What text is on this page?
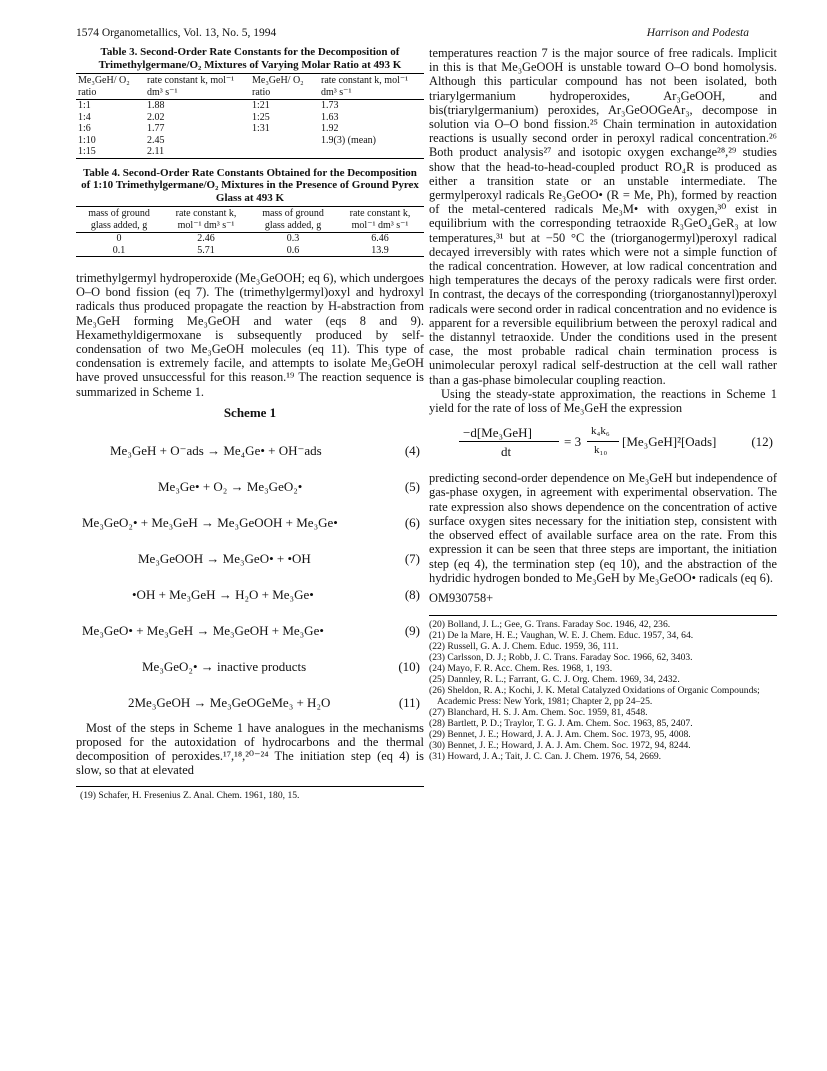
1574 Organometallics, Vol. 13, No. 5, 1994	Harrison and Podesta
Table 3. Second-Order Rate Constants for the Decomposition of Trimethylgermane/O₂ Mixtures of Varying Molar Ratio at 493 K
Me₃GeH/ O₂ ratio	rate constant k, mol⁻¹ dm³ s⁻¹	Me₃GeH/ O₂ ratio	rate constant k, mol⁻¹ dm³ s⁻¹
1:1	1.88	1:21	1.73
1:4	2.02	1:25	1.63
1:6	1.77	1:31	1.92
1:10	2.45		1.9(3) (mean)
1:15	2.11		
Table 4. Second-Order Rate Constants Obtained for the Decomposition of 1:10 Trimethylgermane/O₂ Mixtures in the Presence of Ground Pyrex Glass at 493 K
mass of ground glass added, g	rate constant k, mol⁻¹ dm³ s⁻¹	mass of ground glass added, g	rate constant k, mol⁻¹ dm³ s⁻¹
0	2.46	0.3	6.46
0.1	5.71	0.6	13.9

trimethylgermyl hydroperoxide (Me₃GeOOH; eq 6), which undergoes O–O bond fission (eq 7). The (trimethylgermyl)oxyl and hydroxyl radicals thus produced propagate the reaction by H-abstraction from Me₃GeH forming Me₃GeOH and water (eqs 8 and 9). Hexamethyldigermoxane is subsequently produced by self-condensation of two Me₃GeOH molecules (eq 11). This type of condensation is extremely facile, and attempts to isolate Me₃GeOH have proved unsuccessful for this reason.¹⁹ The reaction sequence is summarized in Scheme 1.

Scheme 1
Me₃GeH + O⁻ads → Me₄Ge• + OH⁻ads	(4)
Me₃Ge• + O₂ → Me₃GeO₂•	(5)
Me₃GeO₂• + Me₃GeH → Me₃GeOOH + Me₃Ge•	(6)
Me₃GeOOH → Me₃GeO• + •OH	(7)
•OH + Me₃GeH → H₂O + Me₃Ge•	(8)
Me₃GeO• + Me₃GeH → Me₃GeOH + Me₃Ge•	(9)
Me₃GeO₂• → inactive products	(10)
2Me₃GeOH → Me₃GeOGeMe₃ + H₂O	(11)

Most of the steps in Scheme 1 have analogues in the mechanisms proposed for the autoxidation of hydrocarbons and the thermal decomposition of peroxides.¹⁷,¹⁸,²⁰⁻²⁴ The initiation step (eq 4) is slow, so that at elevated

(19) Schafer, H. Fresenius Z. Anal. Chem. 1961, 180, 15.

temperatures reaction 7 is the major source of free radicals. Implicit in this is that Me₃GeOOH is unstable toward O–O bond homolysis. Although this particular compound has not been isolated, both triarylgermanium hydroperoxides, Ar₃GeOOH, and bis(triarylgermanium) peroxides, Ar₃GeOOGeAr₃, decompose in solution via O–O bond fission.²⁵ Chain termination in autoxidation reactions is usually second order in peroxyl radical concentration.²⁶ Both product analysis²⁷ and isotopic oxygen exchange²⁸,²⁹ studies show that the head-to-head-coupled product RO₄R is produced as either a transition state or an unstable intermediate. The germylperoxyl radicals Re₃GeOO• (R = Me, Ph), formed by reaction of the metal-centered radicals Me₃M• with oxygen,³⁰ exist in equilibrium with the corresponding tetraoxide R₃GeO₄GeR₃ at low temperatures,³¹ but at −50 °C the (triorganogermyl)peroxyl radical decayed irreversibly with rates which were not a simple function of the radical concentration. However, at low radical concentration and high temperatures the decays of the peroxy radicals were first order. In contrast, the decays of the corresponding (triorganostannyl)peroxyl radicals were second order in radical concentration and no evidence is apparent for a reversible equilibrium between the peroxyl radical and the distannyl tetraoxide. Under the conditions used in the present case, the most probable radical chain termination process is unimolecular peroxyl radical self-destruction at the cell wall rather than a gas-phase bimolecular coupling reaction.

Using the steady-state approximation, the reactions in Scheme 1 yield for the rate of loss of Me₃GeH the expression

−d[Me₃GeH]
dt
= 3
k₄k₆
k₁₀
[Me₃GeH]²[Oads]	(12)

predicting second-order dependence on Me₃GeH but independence of gas-phase oxygen, in agreement with experimental observation. The rate expression also shows dependence on the concentration of active surface oxygen sites necessary for the initiation step, consistent with the observed effect of available surface area on the rate. From this expression it can be seen that three steps are important, the initiation step (eq 4), the termination step (eq 10), and the abstraction of the hydridic hydrogen bonded to Me₃GeH by Me₃GeOO• radicals (eq 6).

OM930758+

(20) Bolland, J. L.; Gee, G. Trans. Faraday Soc. 1946, 42, 236.

(21) De la Mare, H. E.; Vaughan, W. E. J. Chem. Educ. 1957, 34, 64.

(22) Russell, G. A. J. Chem. Educ. 1959, 36, 111.

(23) Carlsson, D. J.; Robb, J. C. Trans. Faraday Soc. 1966, 62, 3403.

(24) Mayo, F. R. Acc. Chem. Res. 1968, 1, 193.

(25) Dannley, R. L.; Farrant, G. C. J. Org. Chem. 1969, 34, 2432.

(26) Sheldon, R. A.; Kochi, J. K. Metal Catalyzed Oxidations of Organic Compounds; Academic Press: New York, 1981; Chapter 2, pp 24–25.

(27) Blanchard, H. S. J. Am. Chem. Soc. 1959, 81, 4548.

(28) Bartlett, P. D.; Traylor, T. G. J. Am. Chem. Soc. 1963, 85, 2407.

(29) Bennet, J. E.; Howard, J. A. J. Am. Chem. Soc. 1973, 95, 4008.

(30) Bennet, J. E.; Howard, J. A. J. Am. Chem. Soc. 1972, 94, 8244.

(31) Howard, J. A.; Tait, J. C. Can. J. Chem. 1976, 54, 2669.
